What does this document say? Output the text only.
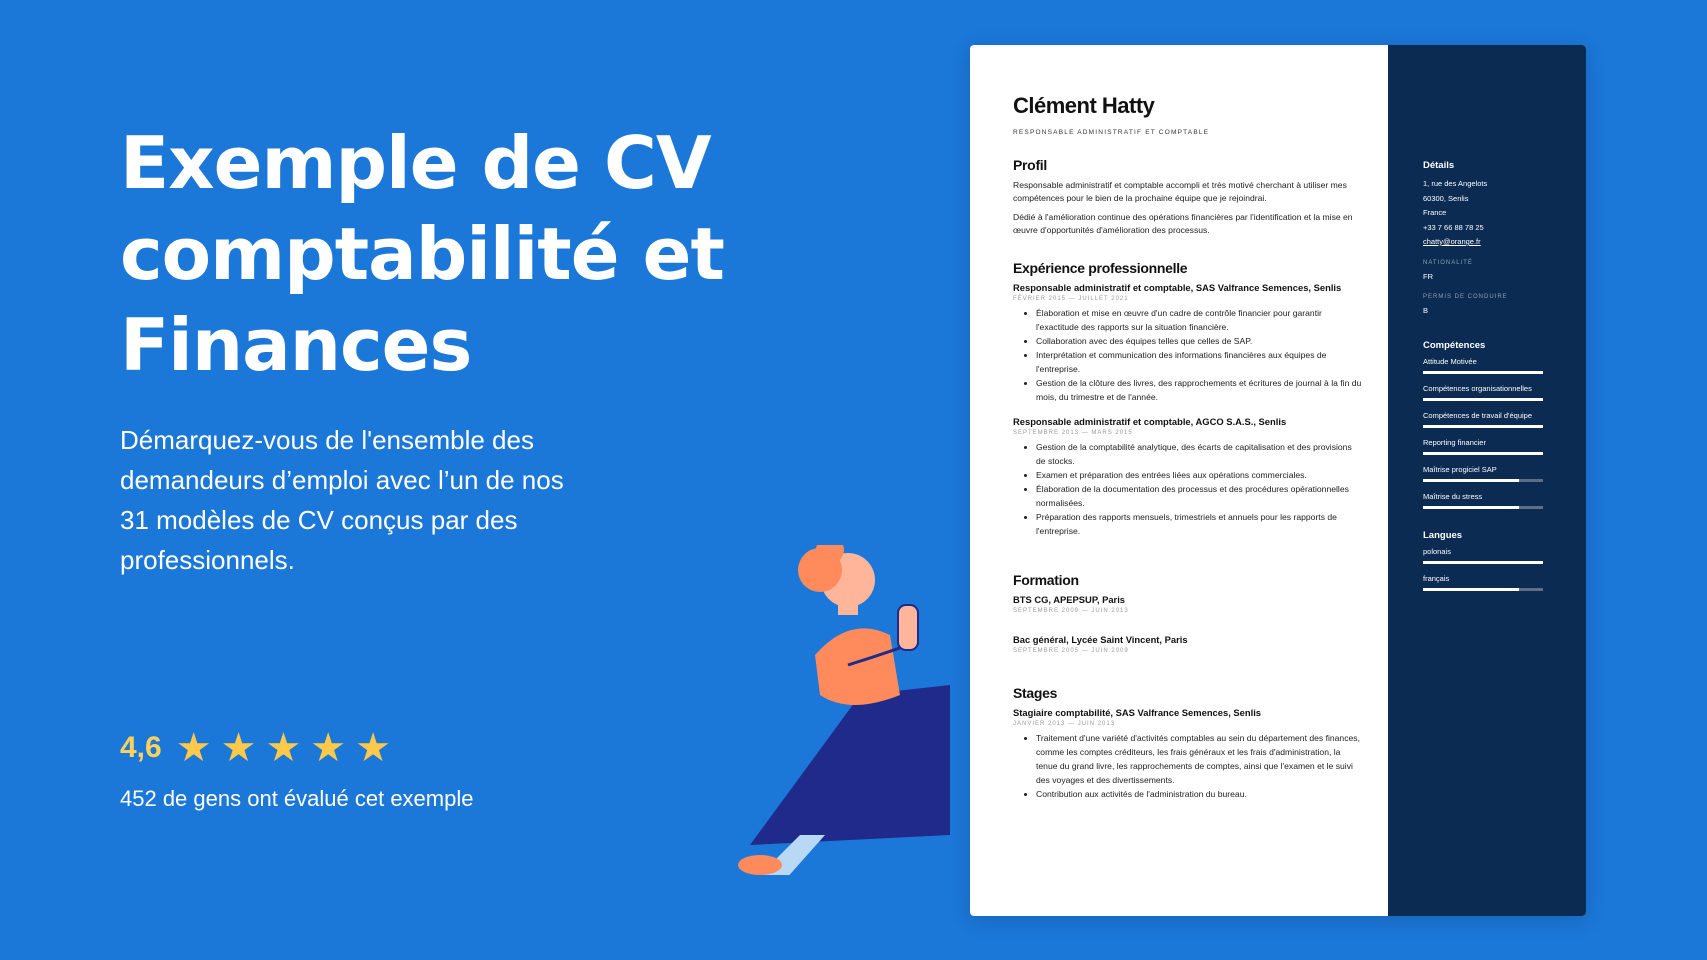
Exemple de CV comptabilité et Finances

Démarquez-vous de l'ensemble des demandeurs d’emploi avec l’un de nos 31 modèles de CV conçus par des professionnels.

4,6 ★ ★ ★ ★ ★
452 de gens ont évalué cet exemple
Clément Hatty
RESPONSABLE ADMINISTRATIF ET COMPTABLE
Profil

Responsable administratif et comptable accompli et très motivé cherchant à utiliser mes compétences pour le bien de la prochaine équipe que je rejoindrai.

Dédié à l'amélioration continue des opérations financières par l'identification et la mise en œuvre d'opportunités d'amélioration des processus.

Expérience professionnelle
Responsable administratif et comptable, SAS Valfrance Semences, Senlis
FÉVRIER 2015 — JUILLET 2021
• Élaboration et mise en œuvre d'un cadre de contrôle financier pour garantir l'exactitude des rapports sur la situation financière.
• Collaboration avec des équipes telles que celles de SAP.
• Interprétation et communication des informations financières aux équipes de l'entreprise.
• Gestion de la clôture des livres, des rapprochements et écritures de journal à la fin du mois, du trimestre et de l'année.
Responsable administratif et comptable, AGCO S.A.S., Senlis
SEPTEMBRE 2013 — MARS 2015
• Gestion de la comptabilité analytique, des écarts de capitalisation et des provisions de stocks.
• Examen et préparation des entrées liées aux opérations commerciales.
• Élaboration de la documentation des processus et des procédures opérationnelles normalisées.
• Préparation des rapports mensuels, trimestriels et annuels pour les rapports de l'entreprise.
Formation
BTS CG, APEPSUP, Paris
SEPTEMBRE 2009 — JUIN 2013
Bac général, Lycée Saint Vincent, Paris
SEPTEMBRE 2005 — JUIN 2009
Stages
Stagiaire comptabilité, SAS Valfrance Semences, Senlis
JANVIER 2013 — JUIN 2013
• Traitement d'une variété d'activités comptables au sein du département des finances, comme les comptes créditeurs, les frais généraux et les frais d'administration, la tenue du grand livre, les rapprochements de comptes, ainsi que l'examen et le suivi des voyages et des divertissements.
• Contribution aux activités de l'administration du bureau.
Détails

1, rue des Angelots

60300, Senlis

France

+33 7 66 88 78 25

chatty@orange.fr

NATIONALITÉ

FR

PERMIS DE CONDUIRE

B

Compétences
Attitude Motivée
Compétences organisationnelles
Compétences de travail d'équipe
Reporting financier
Maîtrise progiciel SAP
Maîtrise du stress
Langues
polonais
français
